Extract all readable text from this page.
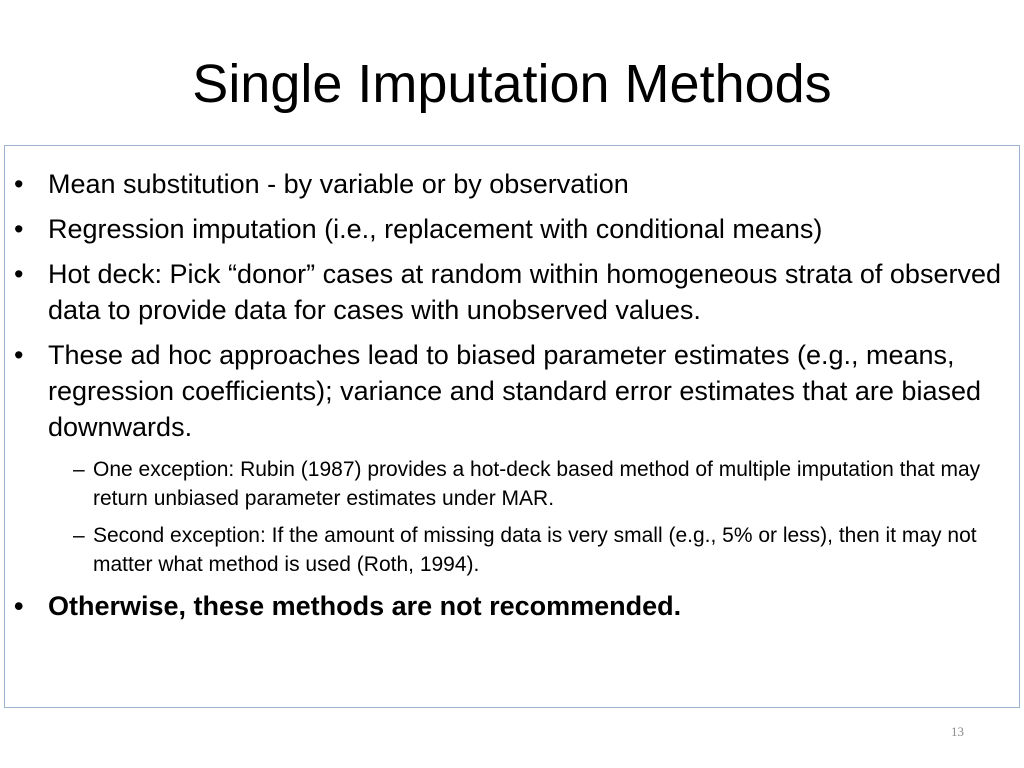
Single Imputation Methods
• Mean substitution - by variable or by observation
• Regression imputation (i.e., replacement with conditional means)
• Hot deck: Pick “donor” cases at random within homogeneous strata of observed data to provide data for cases with unobserved values.
• These ad hoc approaches lead to biased parameter estimates (e.g., means, regression coefficients); variance and standard error estimates that are biased downwards.
– One exception: Rubin (1987) provides a hot-deck based method of multiple imputation that may return unbiased parameter estimates under MAR.
– Second exception: If the amount of missing data is very small (e.g., 5% or less), then it may not matter what method is used (Roth, 1994).
• Otherwise, these methods are not recommended.
13
